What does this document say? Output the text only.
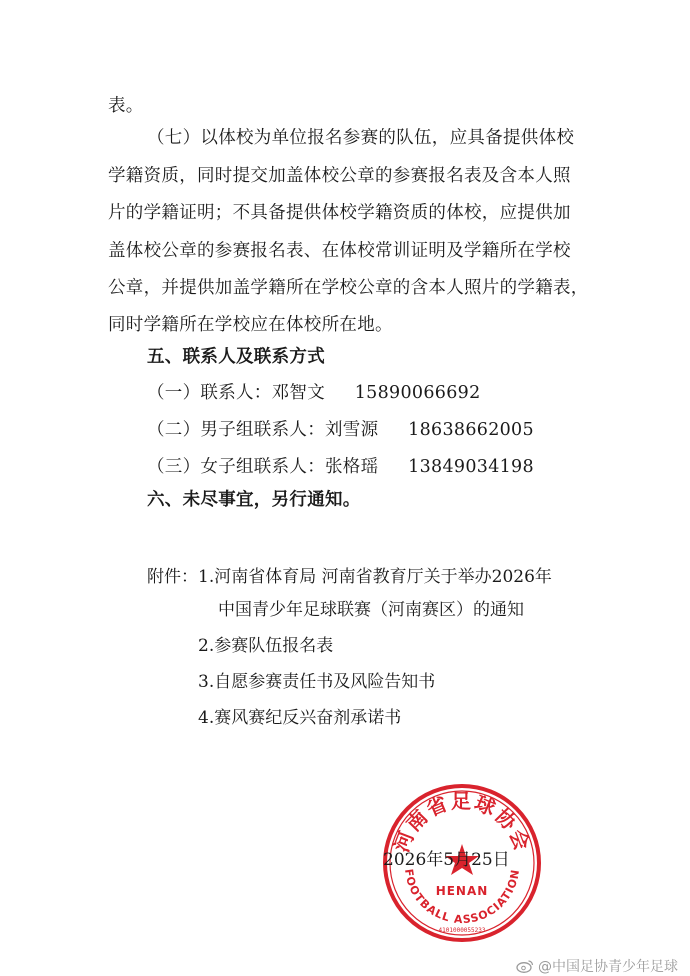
表。
（七）以体校为单位报名参赛的队伍，应具备提供体校
学籍资质，同时提交加盖体校公章的参赛报名表及含本人照
片的学籍证明；不具备提供体校学籍资质的体校，应提供加
盖体校公章的参赛报名表、在体校常训证明及学籍所在学校
公章，并提供加盖学籍所在学校公章的含本人照片的学籍表，
同时学籍所在学校应在体校所在地。
五、联系人及联系方式
（一）联系人：邓智文 15890066692
（二）男子组联系人：刘雪源 18638662005
（三）女子组联系人：张格瑶 13849034198
六、未尽事宜，另行通知。
附件： 1.河南省体育局 河南省教育厅关于举办2026年
中国青少年足球联赛（河南赛区）的通知
2.参赛队伍报名表
3.自愿参赛责任书及风险告知书
4.赛风赛纪反兴奋剂承诺书
河南省足球协会
HENAN
FOOTBALL ASSOCIATION
4101000055233
2026年5月25日
@中国足协青少年足球
